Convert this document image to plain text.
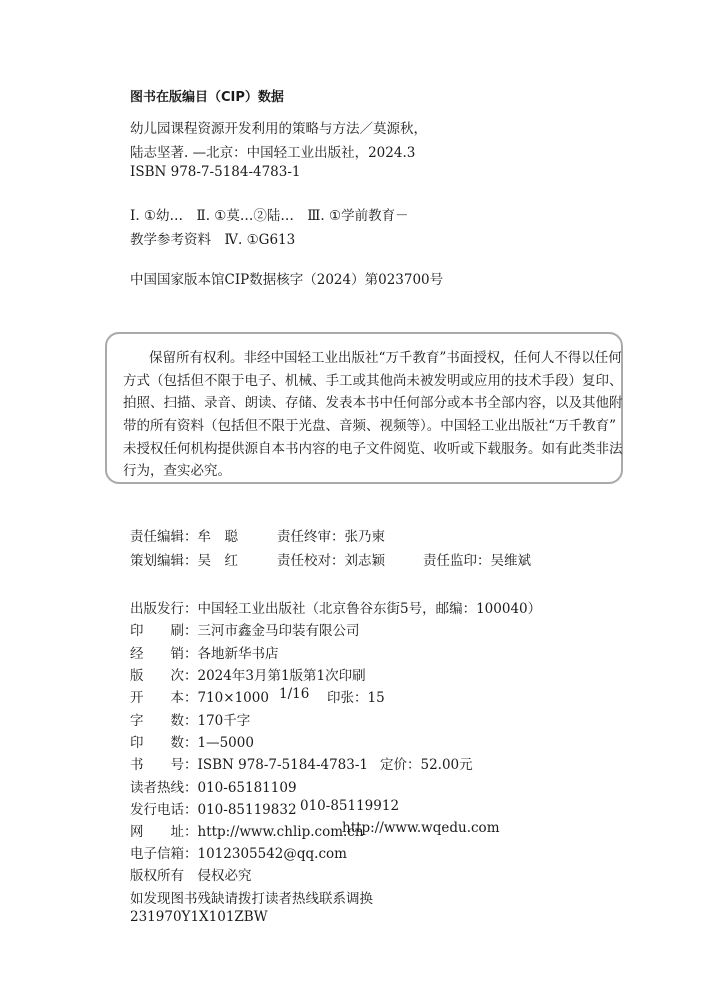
图书在版编目（CIP）数据
幼儿园课程资源开发利用的策略与方法／莫源秋，
陆志坚著. —北京：中国轻工业出版社，2024.3
ISBN 978-7-5184-4783-1
Ⅰ. ①幼…　Ⅱ. ①莫…②陆…　Ⅲ. ①学前教育－
教学参考资料　Ⅳ. ①G613
中国国家版本馆CIP数据核字（2024）第023700号
保留所有权利。非经中国轻工业出版社“万千教育”书面授权，任何人不得以任何
方式（包括但不限于电子、机械、手工或其他尚未被发明或应用的技术手段）复印、
拍照、扫描、录音、朗读、存储、发表本书中任何部分或本书全部内容，以及其他附
带的所有资料（包括但不限于光盘、音频、视频等）。中国轻工业出版社“万千教育”
未授权任何机构提供源自本书内容的电子文件阅览、收听或下载服务。如有此类非法
行为，查实必究。
责任编辑：牟　聪	责任终审：张乃柬
策划编辑：吴　红	责任校对：刘志颖	责任监印：吴维斌
出版发行：中国轻工业出版社（北京鲁谷东街5号，邮编：100040）
印　　刷：三河市鑫金马印装有限公司
经　　销：各地新华书店
版　　次：2024年3月第1版第1次印刷
开　　本：710×1000 1/16 印张：15
字　　数：170千字
印　　数：1—5000
书　　号：ISBN 978-7-5184-4783-1 定价：52.00元
读者热线：010-65181109
发行电话：010-85119832 010-85119912
网　　址：http://www.chlip.com.cn
http://www.wqedu.com
电子信箱：1012305542@qq.com
版权所有　侵权必究
如发现图书残缺请拨打读者热线联系调换
231970Y1X101ZBW
